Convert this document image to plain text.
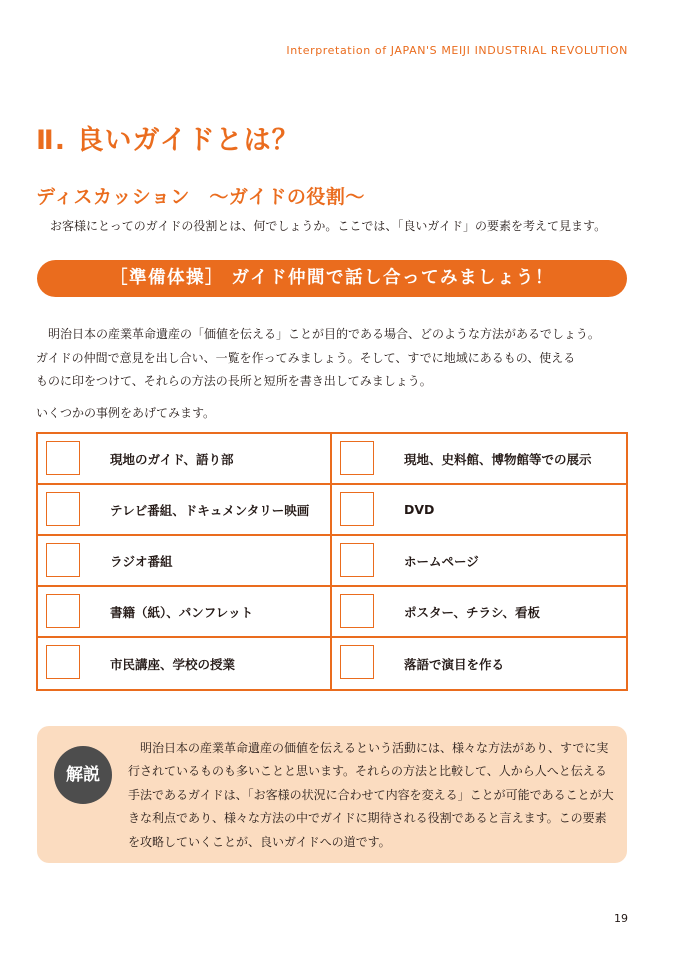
Interpretation of JAPAN'S MEIJI INDUSTRIAL REVOLUTION
Ⅱ. 良いガイドとは？
ディスカッション　～ガイドの役割～
お客様にとってのガイドの役割とは、何でしょうか。ここでは、「良いガイド」の要素を考えて見ます。
［準備体操］ ガイド仲間で話し合ってみましょう！
　明治日本の産業革命遺産の「価値を伝える」ことが目的である場合、どのような方法があるでしょう。
ガイドの仲間で意見を出し合い、一覧を作ってみましょう。そして、すでに地域にあるもの、使える
ものに印をつけて、それらの方法の長所と短所を書き出してみましょう。
いくつかの事例をあげてみます。
現地のガイド、語り部	現地、史料館、博物館等での展示
テレビ番組、ドキュメンタリー映画	DVD
ラジオ番組	ホームページ
書籍（紙）、パンフレット	ポスター、チラシ、看板
市民講座、学校の授業	落語で演目を作る
解説
明治日本の産業革命遺産の価値を伝えるという活動には、様々な方法があり、すでに実行されているものも多いことと思います。それらの方法と比較して、人から人へと伝える手法であるガイドは、「お客様の状況に合わせて内容を変える」ことが可能であることが大きな利点であり、様々な方法の中でガイドに期待される役割であると言えます。この要素を攻略していくことが、良いガイドへの道です。
19
